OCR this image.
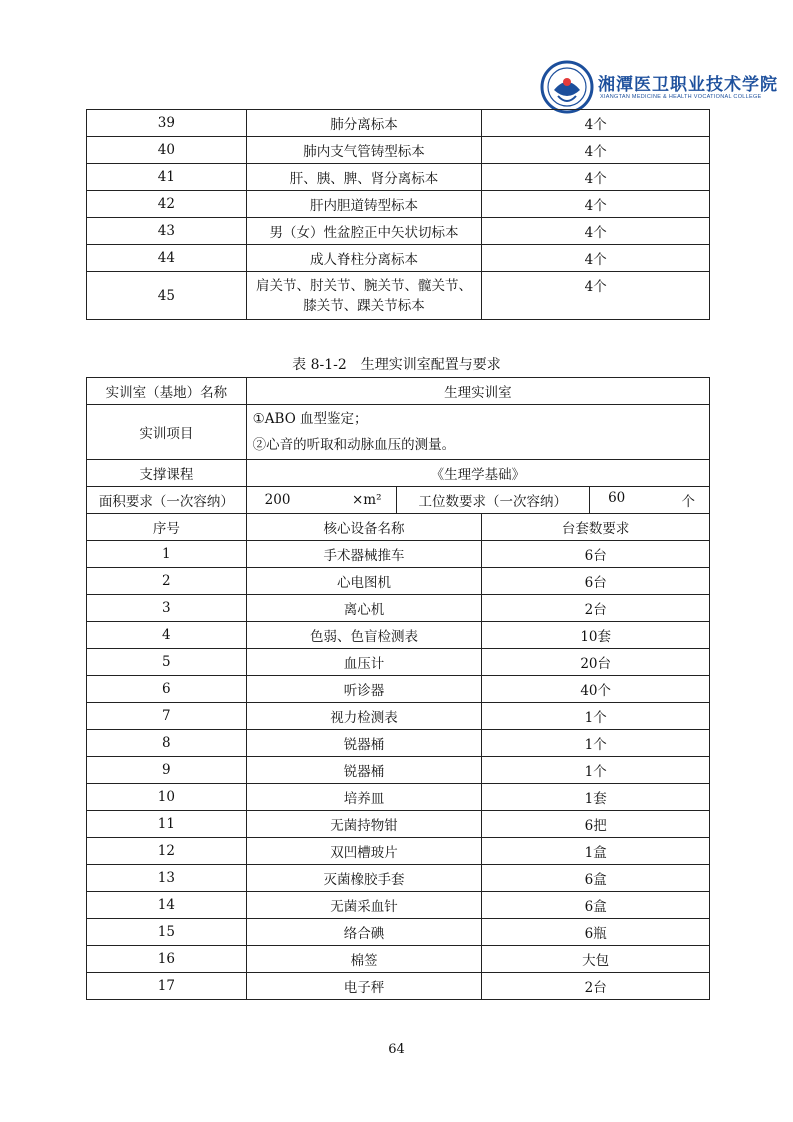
湘潭医卫职业技术学院
XIANGTAN MEDICINE & HEALTH VOCATIONAL COLLEGE
39	肺分离标本	4个
40	肺内支气管铸型标本	4个
41	肝、胰、脾、肾分离标本	4个
42	肝内胆道铸型标本	4个
43	男（女）性盆腔正中矢状切标本	4个
44	成人脊柱分离标本	4个
45	肩关节、肘关节、腕关节、髋关节、
膝关节、踝关节标本	4个
表 8-1-2　生理实训室配置与要求
实训室（基地）名称	生理实训室			
实训项目	①ABO 血型鉴定；
②心音的听取和动脉血压的测量。			

支撑课程	《生理学基础》			
面积要求（一次容纳）	200 ×m²	工位数要求（一次容纳）		60 个

序号	核心设备名称		台套数要求	
1	手术器械推车		6台	
2	心电图机		6台	
3	离心机		2台	
4	色弱、色盲检测表		10套	
5	血压计		20台	
6	听诊器		40个	
7	视力检测表		1个	
8	锐器桶		1个	
9	锐器桶		1个	
10	培养皿		1套	
11	无菌持物钳		6把	
12	双凹槽玻片		1盒	
13	灭菌橡胶手套		6盒	
14	无菌采血针		6盒	
15	络合碘		6瓶	
16	棉签		大包	
17	电子秤		2台	
64
